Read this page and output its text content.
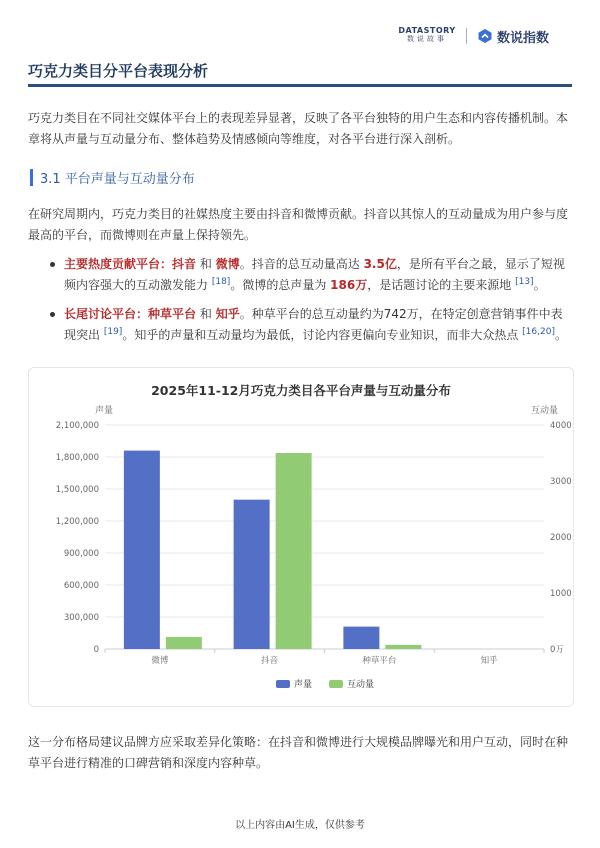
DATASTORY
数说故事	数说指数
巧克力类目分平台表现分析
巧克力类目在不同社交媒体平台上的表现差异显著，反映了各平台独特的用户生态和内容传播机制。本章将从声量与互动量分布、整体趋势及情感倾向等维度，对各平台进行深入剖析。
3.1 平台声量与互动量分布
在研究周期内，巧克力类目的社媒热度主要由抖音和微博贡献。抖音以其惊人的互动量成为用户参与度最高的平台，而微博则在声量上保持领先。
主要热度贡献平台：抖音 和 微博。抖音的总互动量高达 3.5亿，是所有平台之最，显示了短视频内容强大的互动激发能力 [18]。微博的总声量为 186万，是话题讨论的主要来源地 [13]。
长尾讨论平台：种草平台 和 知乎。种草平台的总互动量约为742万，在特定创意营销事件中表现突出 [19]。知乎的声量和互动量均为最低，讨论内容更偏向专业知识，而非大众热点 [16,20]。
2025年11-12月巧克力类目各平台声量与互动量分布
声量	互动量
0
300,000
600,000
900,000
1,200,000
1,500,000
1,800,000
2,100,000
0万
1000
2000
3000
4000
微博	抖音	种草平台	知乎
声量	互动量
这一分布格局建议品牌方应采取差异化策略：在抖音和微博进行大规模品牌曝光和用户互动，同时在种草平台进行精准的口碑营销和深度内容种草。
以上内容由AI生成，仅供参考
